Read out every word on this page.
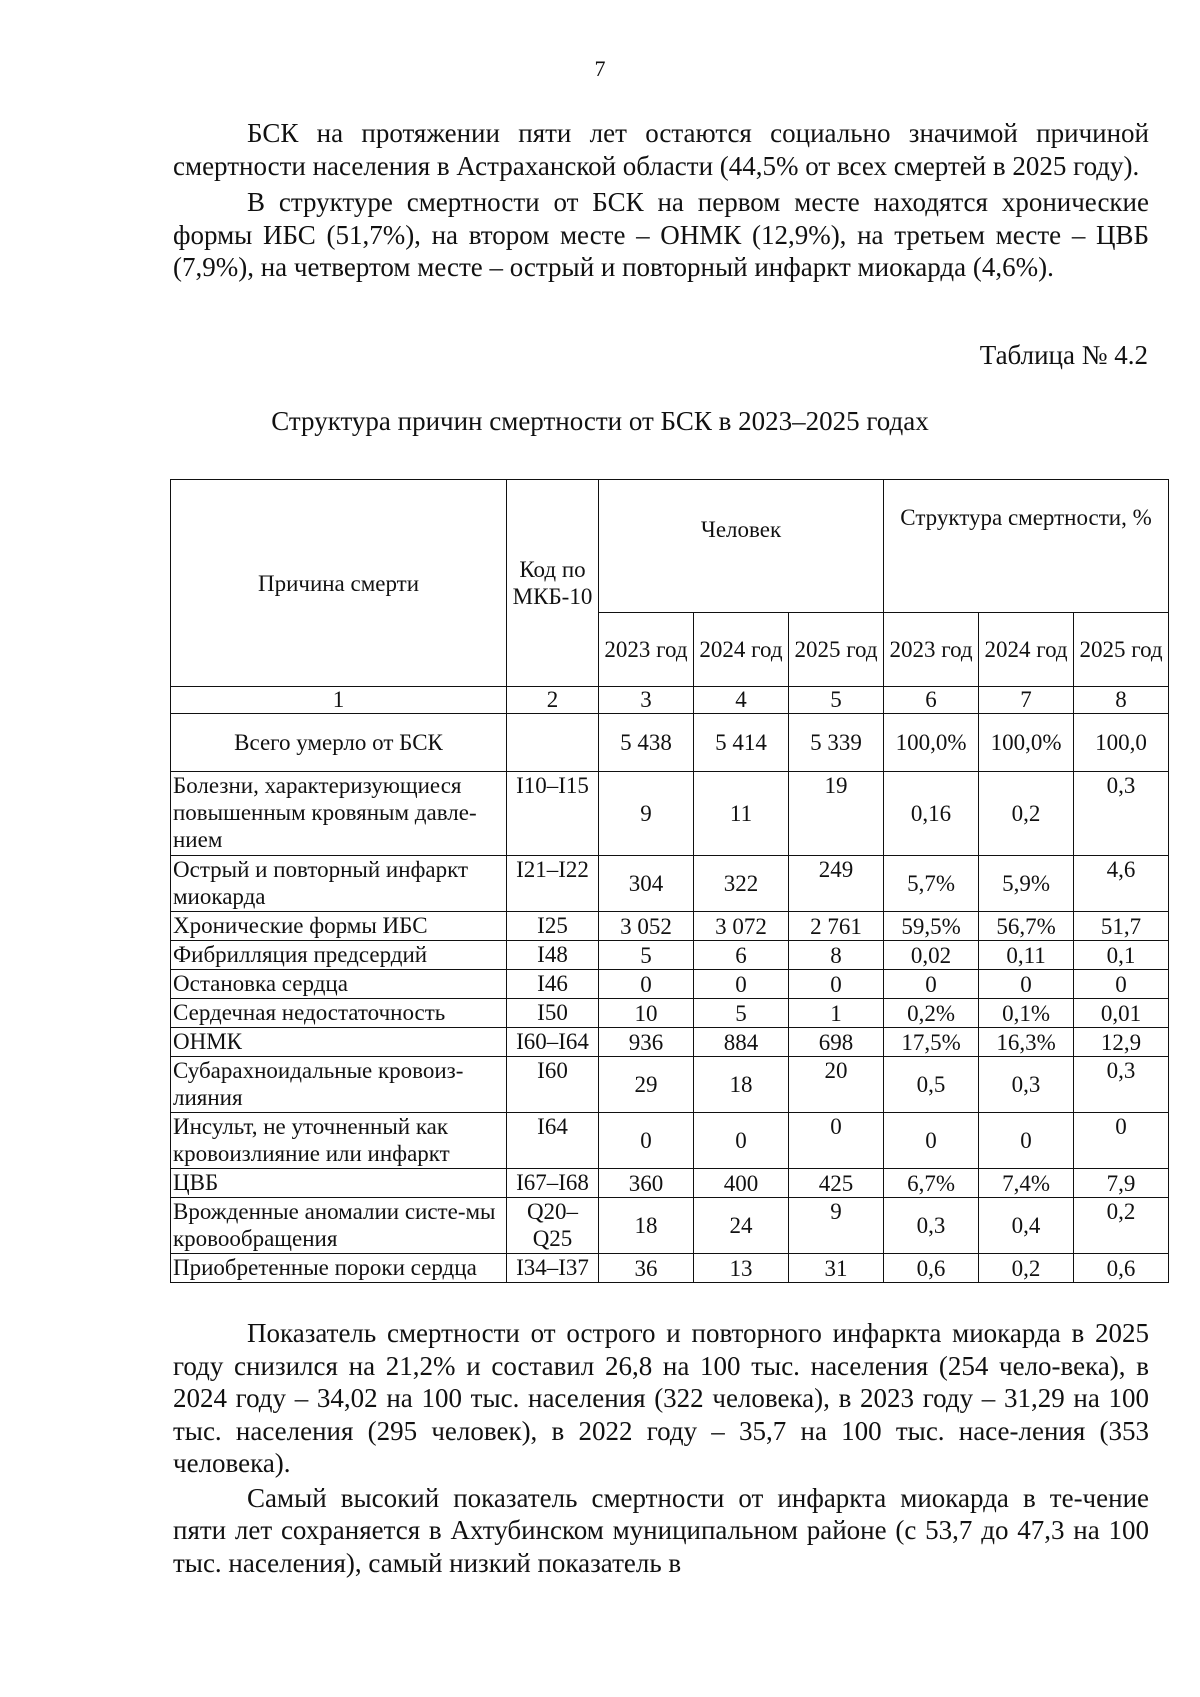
7

БСК на протяжении пяти лет остаются социально значимой причиной смертности населения в Астраханской области (44,5% от всех смертей в 2025 году).

В структуре смертности от БСК на первом месте находятся хронические формы ИБС (51,7%), на втором месте – ОНМК (12,9%), на третьем месте – ЦВБ (7,9%), на четвертом месте – острый и повторный инфаркт миокарда (4,6%).

Таблица № 4.2
Структура причин смертности от БСК в 2023–2025 годах
Причина смерти	Код по МКБ-10	Человек			Структура смертности, %		
		2023 год	2024 год	2025 год	2023 год	2024 год	2025 год
1	2	3	4	5	6	7	8
Всего умерло от БСК		5 438	5 414	5 339	100,0%	100,0%	100,0
Болезни, характеризующиеся повышенным кровяным давле-нием	I10–I15	9	11	19	0,16	0,2	0,3
Острый и повторный инфаркт миокарда	I21–I22	304	322	249	5,7%	5,9%	4,6
Хронические формы ИБС	I25	3 052	3 072	2 761	59,5%	56,7%	51,7
Фибрилляция предсердий	I48	5	6	8	0,02	0,11	0,1
Остановка сердца	I46	0	0	0	0	0	0
Сердечная недостаточность	I50	10	5	1	0,2%	0,1%	0,01
ОНМК	I60–I64	936	884	698	17,5%	16,3%	12,9
Субарахноидальные кровоиз-лияния	I60	29	18	20	0,5	0,3	0,3
Инсульт, не уточненный как кровоизлияние или инфаркт	I64	0	0	0	0	0	0
ЦВБ	I67–I68	360	400	425	6,7%	7,4%	7,9
Врожденные аномалии систе-мы кровообращения	Q20–Q25	18	24	9	0,3	0,4	0,2
Приобретенные пороки сердца	I34–I37	36	13	31	0,6	0,2	0,6

Показатель смертности от острого и повторного инфаркта миокарда в 2025 году снизился на 21,2% и составил 26,8 на 100 тыс. населения (254 чело-века), в 2024 году – 34,02 на 100 тыс. населения (322 человека), в 2023 году – 31,29 на 100 тыс. населения (295 человек), в 2022 году – 35,7 на 100 тыс. насе-ления (353 человека).

Самый высокий показатель смертности от инфаркта миокарда в те-чение пяти лет сохраняется в Ахтубинском муниципальном районе (с 53,7 до 47,3 на 100 тыс. населения), самый низкий показатель в
